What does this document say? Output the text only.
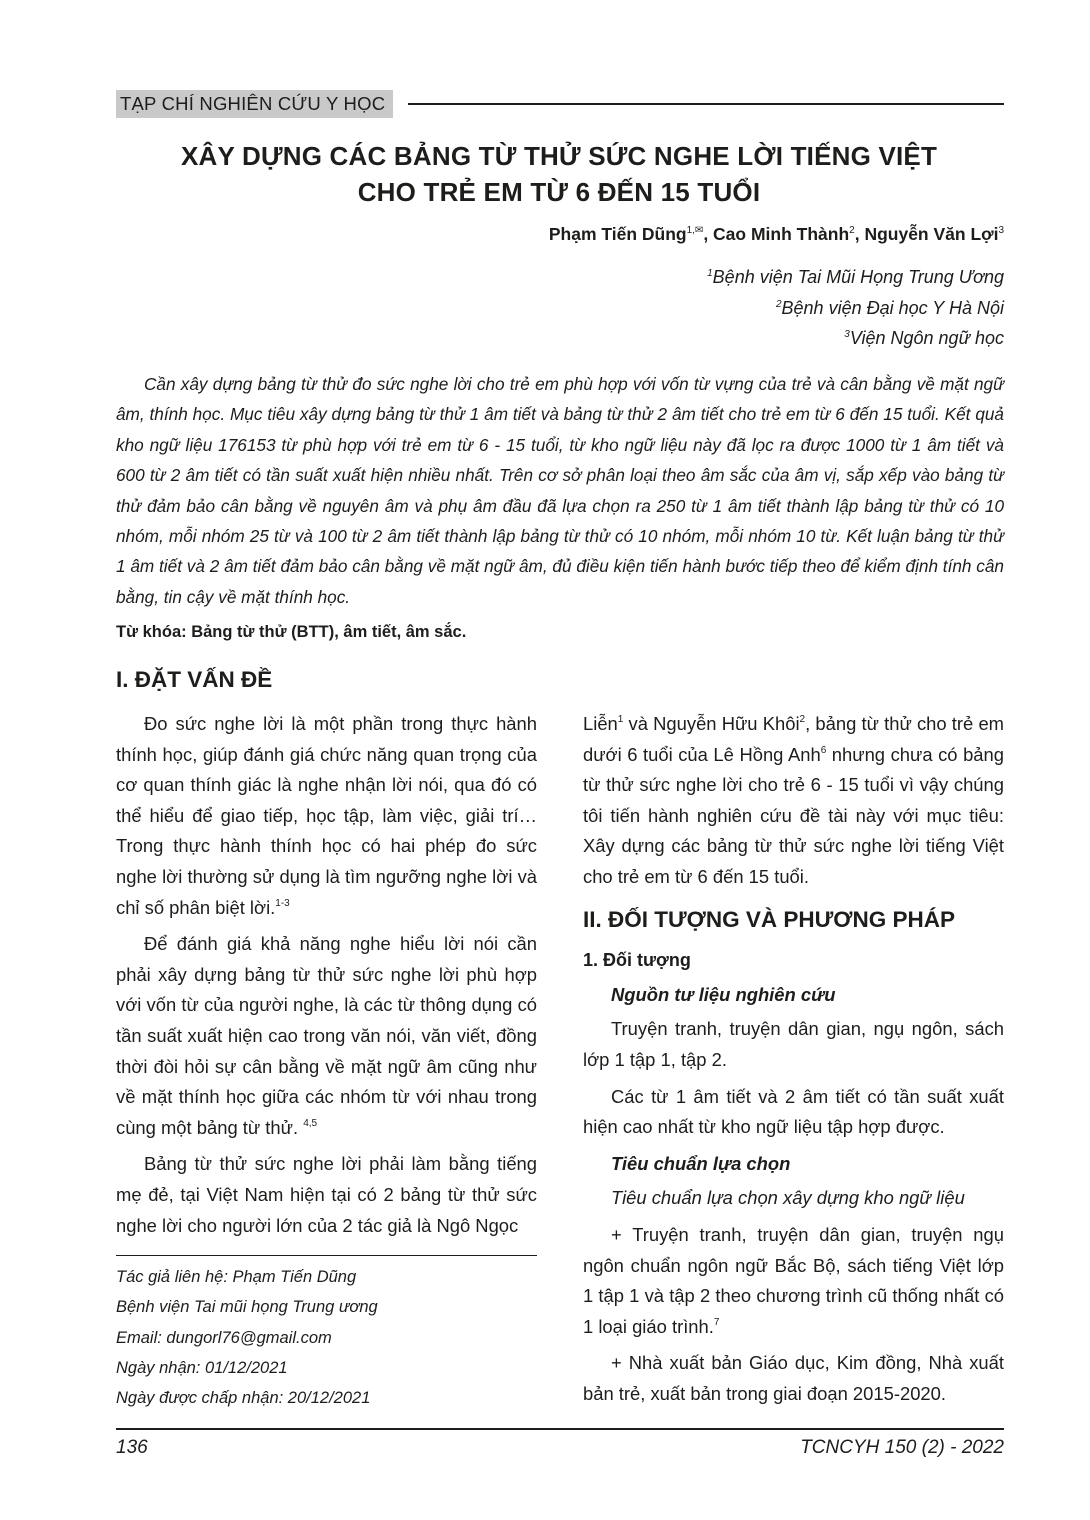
TẠP CHÍ NGHIÊN CỨU Y HỌC
XÂY DỰNG CÁC BẢNG TỪ THỬ SỨC NGHE LỜI TIẾNG VIỆT
CHO TRẺ EM TỪ 6 ĐẾN 15 TUỔI
Phạm Tiến Dũng$^{1,✉}$, Cao Minh Thành$^2$, Nguyễn Văn Lợi$^3$
$^1$Bệnh viện Tai Mũi Họng Trung Ương
$^2$Bệnh viện Đại học Y Hà Nội
$^3$Viện Ngôn ngữ học

Cần xây dựng bảng từ thử đo sức nghe lời cho trẻ em phù hợp với vốn từ vựng của trẻ và cân bằng về mặt ngữ âm, thính học. Mục tiêu xây dựng bảng từ thử 1 âm tiết và bảng từ thử 2 âm tiết cho trẻ em từ 6 đến 15 tuổi. Kết quả kho ngữ liệu 176153 từ phù hợp với trẻ em từ 6 - 15 tuổi, từ kho ngữ liệu này đã lọc ra được 1000 từ 1 âm tiết và 600 từ 2 âm tiết có tần suất xuất hiện nhiều nhất. Trên cơ sở phân loại theo âm sắc của âm vị, sắp xếp vào bảng từ thử đảm bảo cân bằng về nguyên âm và phụ âm đầu đã lựa chọn ra 250 từ 1 âm tiết thành lập bảng từ thử có 10 nhóm, mỗi nhóm 25 từ và 100 từ 2 âm tiết thành lập bảng từ thử có 10 nhóm, mỗi nhóm 10 từ. Kết luận bảng từ thử 1 âm tiết và 2 âm tiết đảm bảo cân bằng về mặt ngữ âm, đủ điều kiện tiến hành bước tiếp theo để kiểm định tính cân bằng, tin cậy về mặt thính học.

Từ khóa: Bảng từ thử (BTT), âm tiết, âm sắc.
I. ĐẶT VẤN ĐỀ

Đo sức nghe lời là một phần trong thực hành thính học, giúp đánh giá chức năng quan trọng của cơ quan thính giác là nghe nhận lời nói, qua đó có thể hiểu để giao tiếp, học tập, làm việc, giải trí… Trong thực hành thính học có hai phép đo sức nghe lời thường sử dụng là tìm ngưỡng nghe lời và chỉ số phân biệt lời.$^{1-3}$

Để đánh giá khả năng nghe hiểu lời nói cần phải xây dựng bảng từ thử sức nghe lời phù hợp với vốn từ của người nghe, là các từ thông dụng có tần suất xuất hiện cao trong văn nói, văn viết, đồng thời đòi hỏi sự cân bằng về mặt ngữ âm cũng như về mặt thính học giữa các nhóm từ với nhau trong cùng một bảng từ thử. $^{4,5}$

Bảng từ thử sức nghe lời phải làm bằng tiếng mẹ đẻ, tại Việt Nam hiện tại có 2 bảng từ thử sức nghe lời cho người lớn của 2 tác giả là Ngô Ngọc

Tác giả liên hệ: Phạm Tiến Dũng
Bệnh viện Tai mũi họng Trung ương
Email: dungorl76@gmail.com
Ngày nhận: 01/12/2021
Ngày được chấp nhận: 20/12/2021

Liễn$^1$ và Nguyễn Hữu Khôi$^2$, bảng từ thử cho trẻ em dưới 6 tuổi của Lê Hồng Anh$^6$ nhưng chưa có bảng từ thử sức nghe lời cho trẻ 6 - 15 tuổi vì vậy chúng tôi tiến hành nghiên cứu đề tài này với mục tiêu: Xây dựng các bảng từ thử sức nghe lời tiếng Việt cho trẻ em từ 6 đến 15 tuổi.

II. ĐỐI TƯỢNG VÀ PHƯƠNG PHÁP
1. Đối tượng
Nguồn tư liệu nghiên cứu

Truyện tranh, truyện dân gian, ngụ ngôn, sách lớp 1 tập 1, tập 2.

Các từ 1 âm tiết và 2 âm tiết có tần suất xuất hiện cao nhất từ kho ngữ liệu tập hợp được.

Tiêu chuẩn lựa chọn

Tiêu chuẩn lựa chọn xây dựng kho ngữ liệu

+ Truyện tranh, truyện dân gian, truyện ngụ ngôn chuẩn ngôn ngữ Bắc Bộ, sách tiếng Việt lớp 1 tập 1 và tập 2 theo chương trình cũ thống nhất có 1 loại giáo trình.$^7$

+ Nhà xuất bản Giáo dục, Kim đồng, Nhà xuất bản trẻ, xuất bản trong giai đoạn 2015-2020.

136	TCNCYH 150 (2) - 2022
